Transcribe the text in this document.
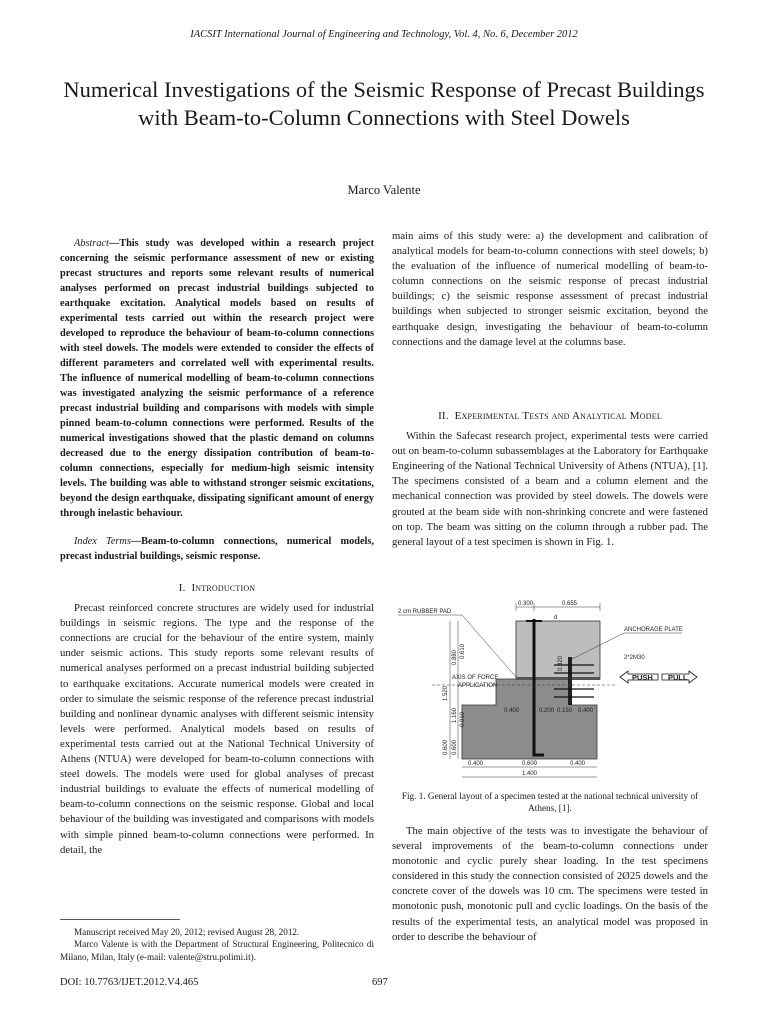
IACSIT International Journal of Engineering and Technology, Vol. 4, No. 6, December 2012
Numerical Investigations of the Seismic Response of Precast Buildings with Beam-to-Column Connections with Steel Dowels
Marco Valente

Abstract—This study was developed within a research project concerning the seismic performance assessment of new or existing precast structures and reports some relevant results of numerical analyses performed on precast industrial buildings subjected to earthquake excitation. Analytical models based on results of experimental tests carried out within the research project were developed to reproduce the behaviour of beam-to-column connections with steel dowels. The models were extended to consider the effects of different parameters and correlated well with experimental results. The influence of numerical modelling of beam-to-column connections was investigated analyzing the seismic performance of a reference precast industrial building and comparisons with models with simple pinned beam-to-column connections were performed. Results of the numerical investigations showed that the plastic demand on columns decreased due to the energy dissipation contribution of beam-to-column connections, especially for medium-high seismic intensity levels. The building was able to withstand stronger seismic excitations, beyond the design earthquake, dissipating significant amount of energy through inelastic behaviour.

Index Terms—Beam-to-column connections, numerical models, precast industrial buildings, seismic response.

I. Introduction

Precast reinforced concrete structures are widely used for industrial buildings in seismic regions. The type and the response of the connections are crucial for the behaviour of the entire system, mainly under seismic actions. This study reports some relevant results of numerical analyses performed on a precast industrial building subjected to earthquake excitations. Accurate numerical models were created in order to simulate the seismic response of the reference precast industrial building and nonlinear dynamic analyses with different seismic intensity levels were performed. Analytical models based on results of experimental tests carried out at the National Technical University of Athens (NTUA) were developed for beam-to-column connections with steel dowels. The models were used for global analyses of precast industrial buildings to evaluate the effects of numerical modelling of beam-to-column connections on the seismic response. Global and local behaviour of the building was investigated and comparisons with models with simple pinned beam-to-column connections were performed. In detail, the

Manuscript received May 20, 2012; revised August 28, 2012.

Marco Valente is with the Department of Structural Engineering, Politecnico di Milano, Milan, Italy (e-mail: valente@stru.polimi.it).

main aims of this study were: a) the development and calibration of analytical models for beam-to-column connections with steel dowels; b) the evaluation of the influence of numerical modelling of beam-to-column connections on the seismic response of precast industrial buildings; c) the seismic response assessment of precast industrial buildings when subjected to stronger seismic excitation, beyond the earthquake design, investigating the behaviour of beam-to-column connections and the damage level at the columns base.

II. Experimental Tests and Analytical Model

Within the Safecast research project, experimental tests were carried out on beam-to-column subassemblages at the Laboratory for Earthquake Engineering of the National Technical University of Athens (NTUA), [1]. The specimens consisted of a beam and a column element and the mechanical connection was provided by steel dowels. The dowels were grouted at the beam side with non-shrinking concrete and were fastened on top. The beam was sitting on the column through a rubber pad. The general layout of a test specimen is shown in Fig. 1.

PUSH PULL
0.300	0.655
d
0.880 0.610
1.520
1.160 0.910
0.600 0.600
0.200 0.150
0.400	0.400
0.320
0.400	0.600	0.400
1.400
2 cm RUBBER PAD
ANCHORAGE PLATE
2*2M30
AXIS OF FORCE
APPLICATION
Fig. 1. General layout of a specimen tested at the national technical university of Athens, [1].

The main objective of the tests was to investigate the behaviour of several improvements of the beam-to-column connections under monotonic and cyclic purely shear loading. In the test specimens considered in this study the connection consisted of 2Ø25 dowels and the concrete cover of the dowels was 10 cm. The specimens were tested in monotonic push, monotonic pull and cyclic loadings. On the basis of the results of the experimental tests, an analytical model was proposed in order to describe the behaviour of

DOI: 10.7763/IJET.2012.V4.465	697
